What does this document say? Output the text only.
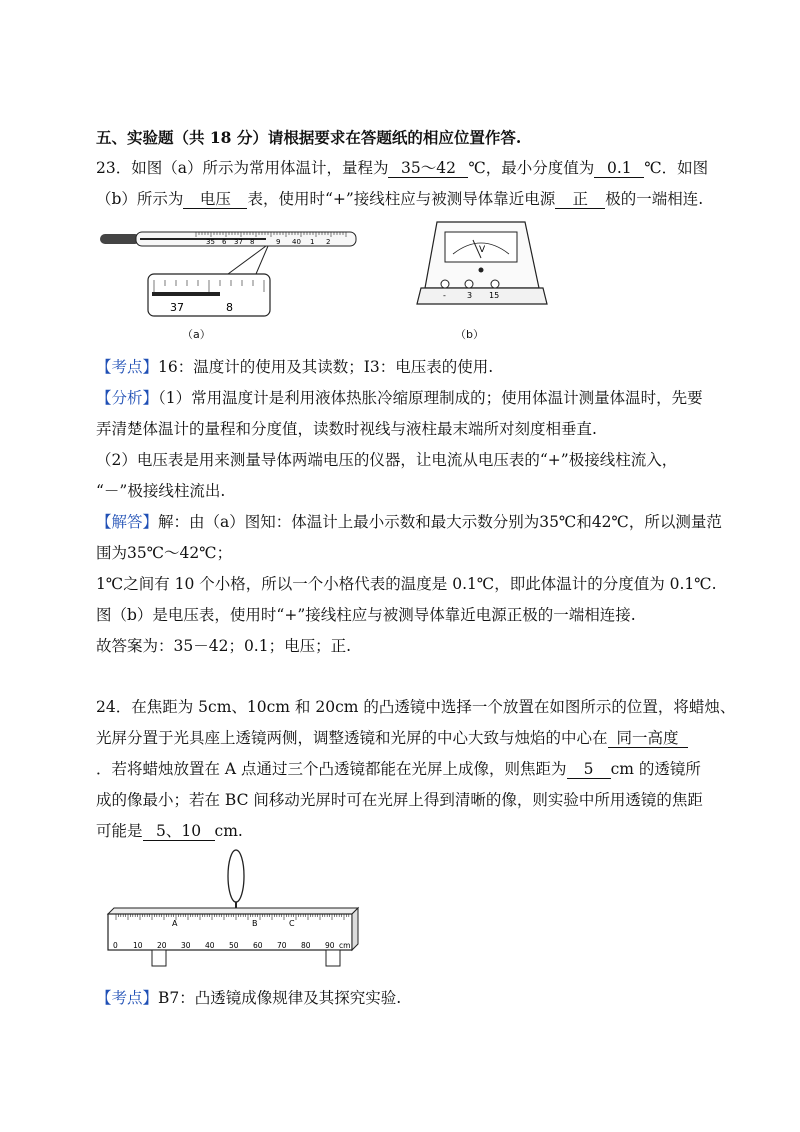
五、实验题（共 18 分）请根据要求在答题纸的相应位置作答.
23．如图（a）所示为常用体温计，量程为 35～42 ℃，最小分度值为 0.1 ℃．如图
（b）所示为 电压 表，使用时“+”接线柱应与被测导体靠近电源 正 极的一端相连.
35 6 37 8	9 40 1 2
37	8
（a）
V
-	3 15
（b）
【考点】16：温度计的使用及其读数；I3：电压表的使用.
【分析】（1）常用温度计是利用液体热胀冷缩原理制成的；使用体温计测量体温时，先要
弄清楚体温计的量程和分度值，读数时视线与液柱最末端所对刻度相垂直.
（2）电压表是用来测量导体两端电压的仪器，让电流从电压表的“+”极接线柱流入，
“－”极接线柱流出.
【解答】解：由（a）图知：体温计上最小示数和最大示数分别为35℃和42℃，所以测量范
围为35℃～42℃；
1℃之间有 10 个小格，所以一个小格代表的温度是 0.1℃，即此体温计的分度值为 0.1℃.
图（b）是电压表，使用时“+”接线柱应与被测导体靠近电源正极的一端相连接.
故答案为：35－42；0.1；电压；正.
24．在焦距为 5cm、10cm 和 20cm 的凸透镜中选择一个放置在如图所示的位置，将蜡烛、
光屏分置于光具座上透镜两侧，调整透镜和光屏的中心大致与烛焰的中心在 同一高度
．若将蜡烛放置在 A 点通过三个凸透镜都能在光屏上成像，则焦距为 5 cm 的透镜所
成的像最小；若在 BC 间移动光屏时可在光屏上得到清晰的像，则实验中所用透镜的焦距
可能是 5、10 cm.
0 10 20 30 40 50 60 70 80 90 cm
A	B	C
【考点】B7：凸透镜成像规律及其探究实验.
